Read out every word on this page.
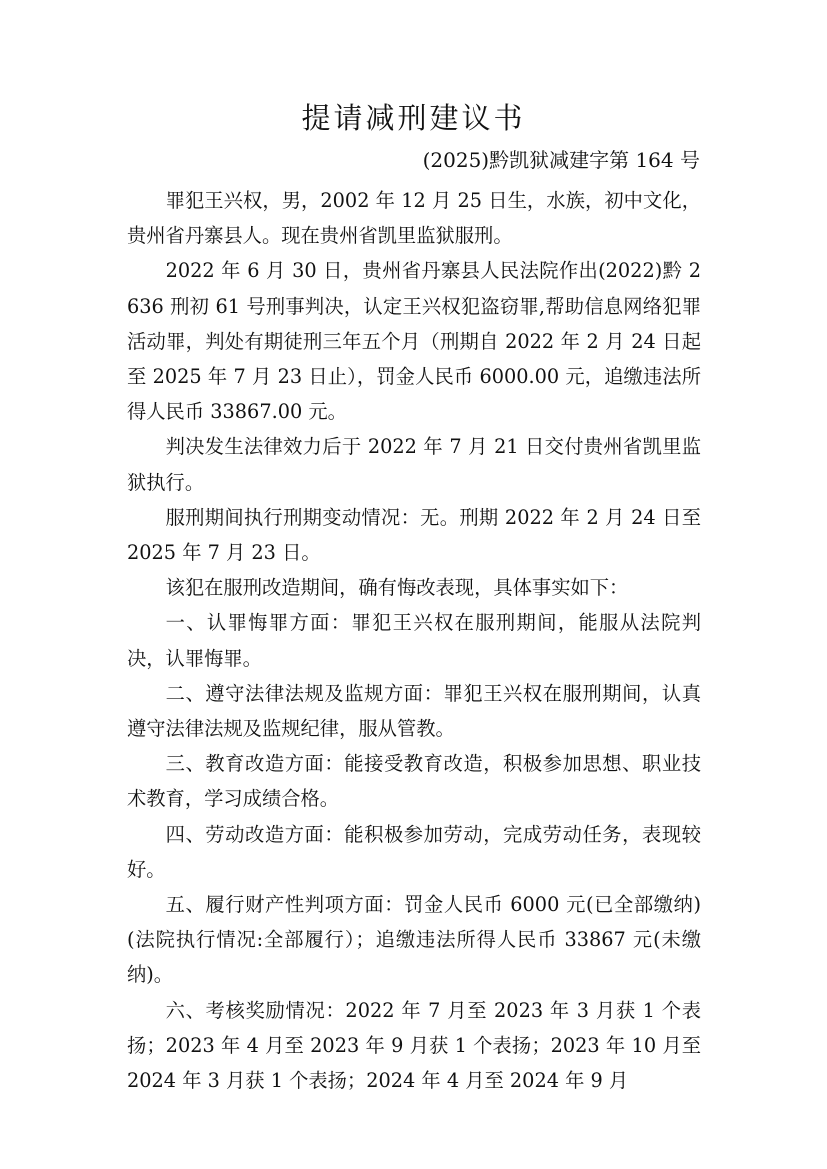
提请减刑建议书
(2025)黔凯狱减建字第 164 号

罪犯王兴权，男，2002 年 12 月 25 日生，水族，初中文化，贵州省丹寨县人。现在贵州省凯里监狱服刑。

2022 年 6 月 30 日，贵州省丹寨县人民法院作出(2022)黔 2636 刑初 61 号刑事判决，认定王兴权犯盗窃罪,帮助信息网络犯罪活动罪，判处有期徒刑三年五个月（刑期自 2022 年 2 月 24 日起至 2025 年 7 月 23 日止），罚金人民币 6000.00 元，追缴违法所得人民币 33867.00 元。

判决发生法律效力后于 2022 年 7 月 21 日交付贵州省凯里监狱执行。

服刑期间执行刑期变动情况：无。刑期 2022 年 2 月 24 日至 2025 年 7 月 23 日。

该犯在服刑改造期间，确有悔改表现，具体事实如下：

一、认罪悔罪方面：罪犯王兴权在服刑期间，能服从法院判决，认罪悔罪。

二、遵守法律法规及监规方面：罪犯王兴权在服刑期间，认真遵守法律法规及监规纪律，服从管教。

三、教育改造方面：能接受教育改造，积极参加思想、职业技术教育，学习成绩合格。

四、劳动改造方面：能积极参加劳动，完成劳动任务，表现较好。

五、履行财产性判项方面：罚金人民币 6000 元(已全部缴纳)(法院执行情况:全部履行）；追缴违法所得人民币 33867 元(未缴纳)。

六、考核奖励情况：2022 年 7 月至 2023 年 3 月获 1 个表扬；2023 年 4 月至 2023 年 9 月获 1 个表扬；2023 年 10 月至 2024 年 3 月获 1 个表扬；2024 年 4 月至 2024 年 9 月
